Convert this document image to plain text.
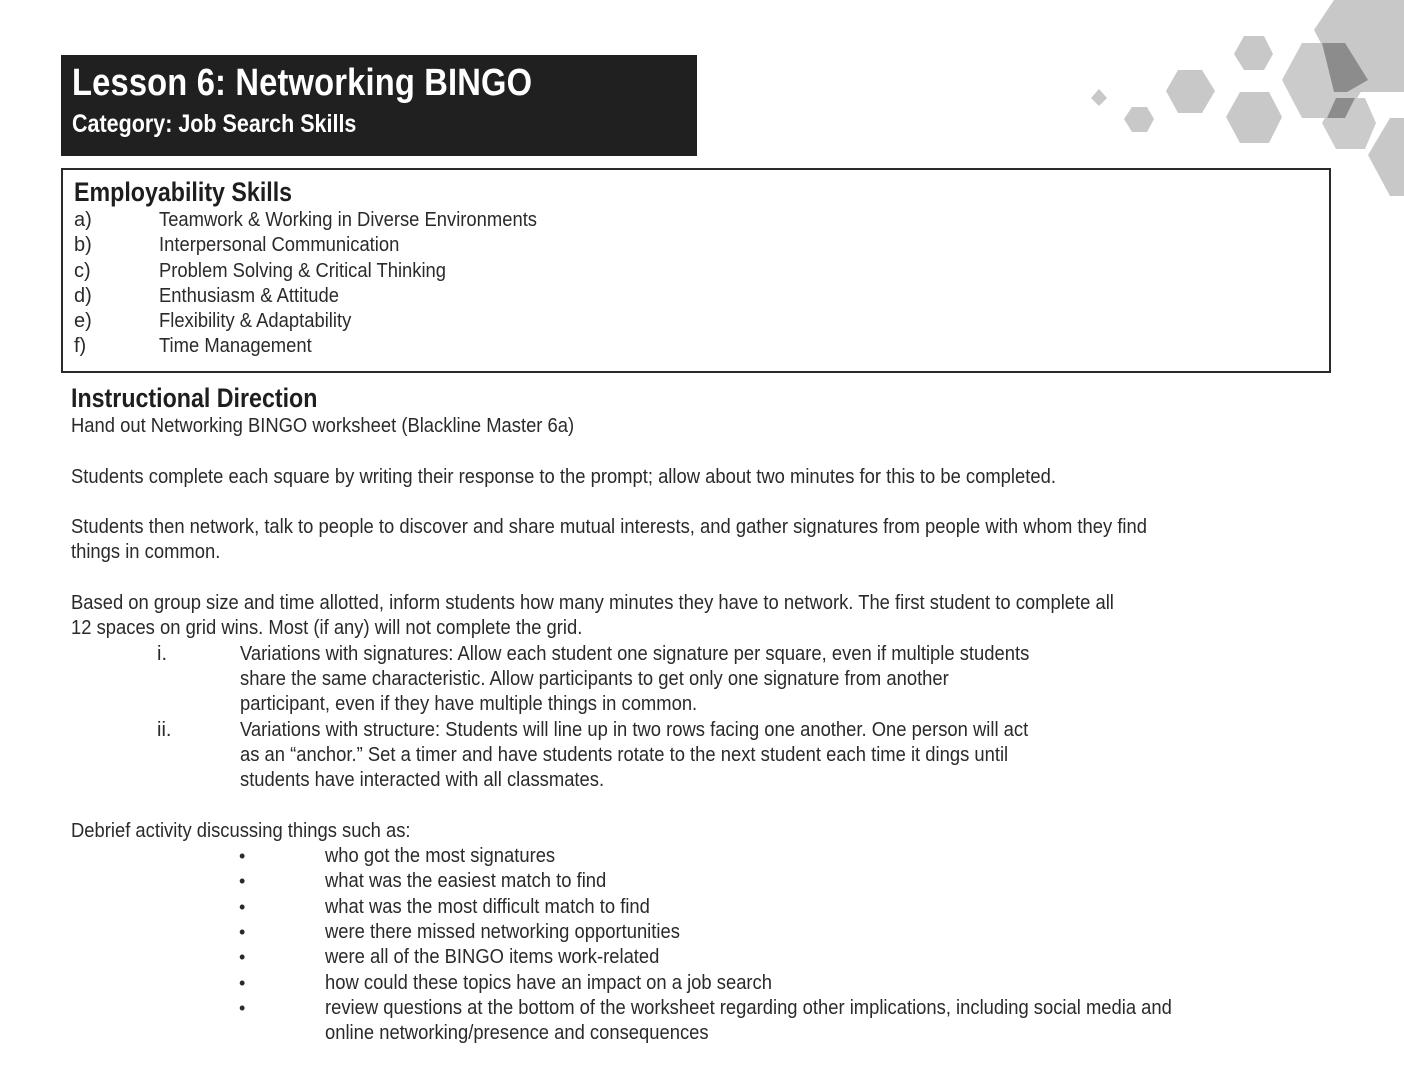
Lesson 6: Networking BINGO
Category: Job Search Skills
Employability Skills
a)	Teamwork & Working in Diverse Environments
b)	Interpersonal Communication
c)	Problem Solving & Critical Thinking
d)	Enthusiasm & Attitude
e)	Flexibility & Adaptability
f)	Time Management
Instructional Direction
Hand out Networking BINGO worksheet (Blackline Master 6a)
Students complete each square by writing their response to the prompt; allow about two minutes for this to be completed.
Students then network, talk to people to discover and share mutual interests, and gather signatures from people with whom they find
things in common.
Based on group size and time allotted, inform students how many minutes they have to network. The first student to complete all
12 spaces on grid wins. Most (if any) will not complete the grid.
i.	Variations with signatures: Allow each student one signature per square, even if multiple students
share the same characteristic. Allow participants to get only one signature from another
participant, even if they have multiple things in common.
ii.	Variations with structure: Students will line up in two rows facing one another. One person will act
as an “anchor.” Set a timer and have students rotate to the next student each time it dings until
students have interacted with all classmates.
Debrief activity discussing things such as:
•	who got the most signatures
•	what was the easiest match to find
•	what was the most difficult match to find
•	were there missed networking opportunities
•	were all of the BINGO items work-related
•	how could these topics have an impact on a job search
•	review questions at the bottom of the worksheet regarding other implications, including social media and
online networking/presence and consequences
